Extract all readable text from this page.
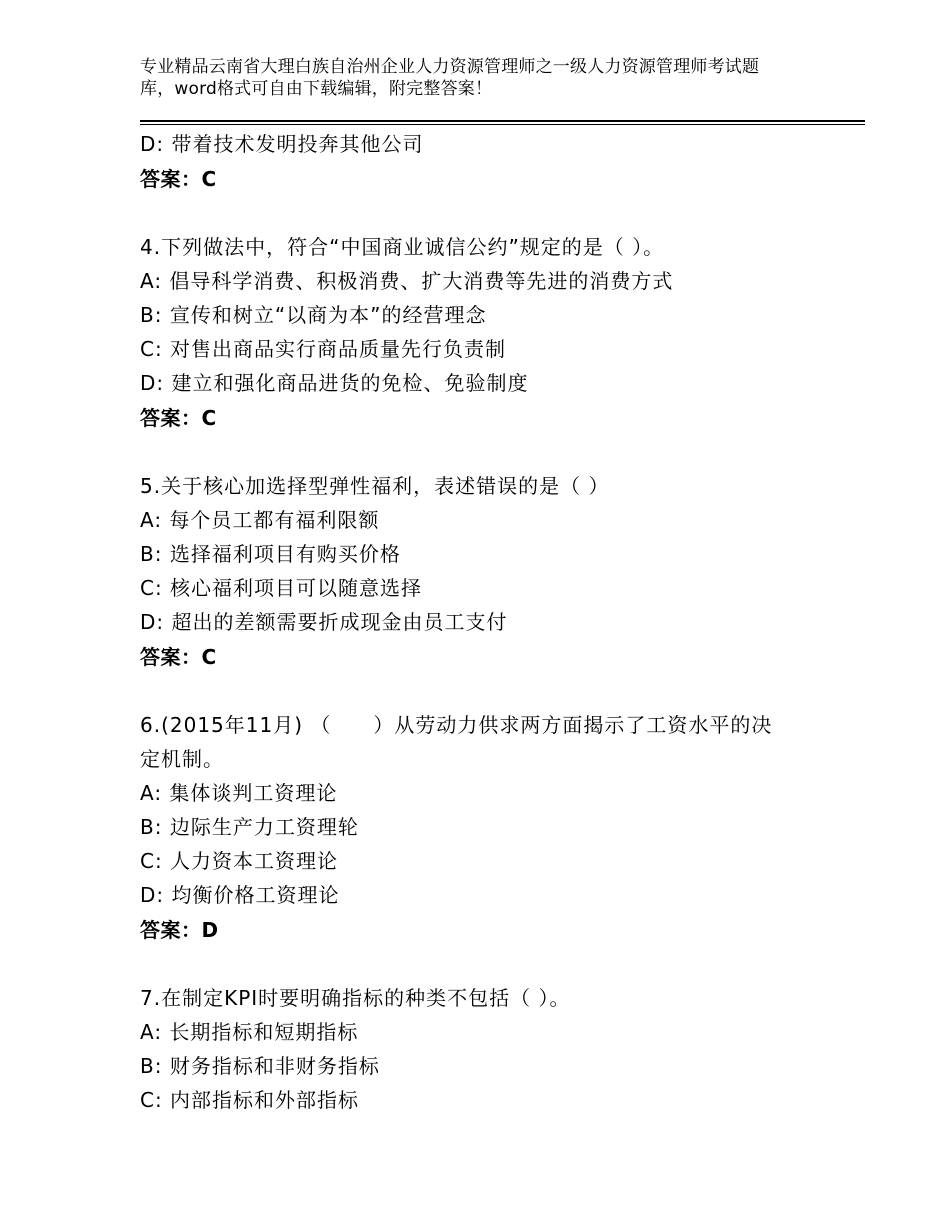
专业精品云南省大理白族自治州企业人力资源管理师之一级人力资源管理师考试题
库，word格式可自由下载编辑，附完整答案！
D: 带着技术发明投奔其他公司
答案：C
4.下列做法中，符合“中国商业诚信公约”规定的是（ ）。
A: 倡导科学消费、积极消费、扩大消费等先进的消费方式
B: 宣传和树立“以商为本”的经营理念
C: 对售出商品实行商品质量先行负责制
D: 建立和强化商品进货的免检、免验制度
答案：C
5.关于核心加选择型弹性福利，表述错误的是（ ）
A: 每个员工都有福利限额
B: 选择福利项目有购买价格
C: 核心福利项目可以随意选择
D: 超出的差额需要折成现金由员工支付
答案：C
6.(2015年11月) （　　）从劳动力供求两方面揭示了工资水平的决
定机制。
A: 集体谈判工资理论
B: 边际生产力工资理轮
C: 人力资本工资理论
D: 均衡价格工资理论
答案：D
7.在制定KPI时要明确指标的种类不包括（ ）。
A: 长期指标和短期指标
B: 财务指标和非财务指标
C: 内部指标和外部指标
